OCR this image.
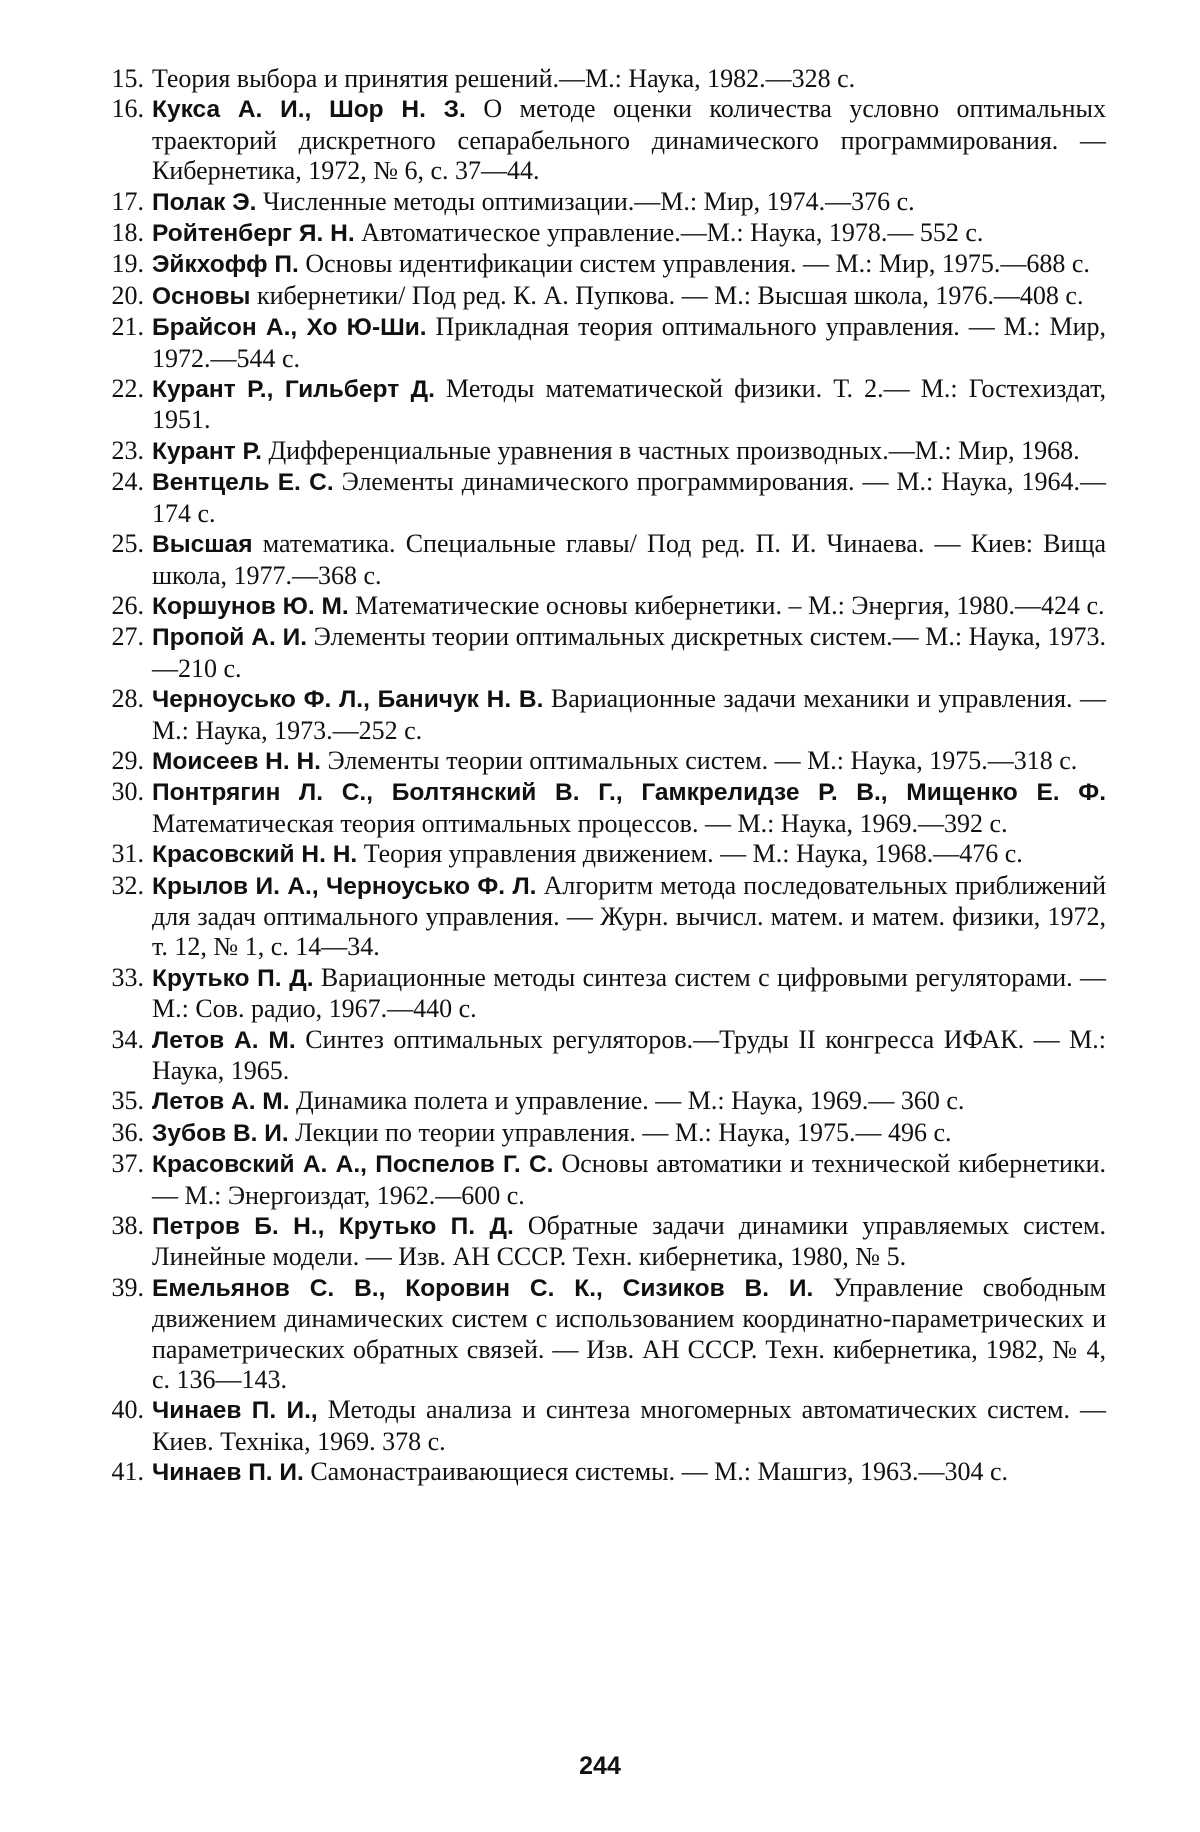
15. Теория выбора и принятия решений.—М.: Наука, 1982.—328 с.
16. Кукса А. И., Шор Н. З. О методе оценки количества условно оптимальных траекторий дискретного сепарабельного динамического программирования. — Кибернетика, 1972, № 6, с. 37—44.
17. Полак Э. Численные методы оптимизации.—М.: Мир, 1974.—376 с.
18. Ройтенберг Я. Н. Автоматическое управление.—М.: Наука, 1978.— 552 с.
19. Эйкхофф П. Основы идентификации систем управления. — М.: Мир, 1975.—688 с.
20. Основы кибернетики/ Под ред. К. А. Пупкова. — М.: Высшая школа, 1976.—408 с.
21. Брайсон А., Хо Ю-Ши. Прикладная теория оптимального управления. — М.: Мир, 1972.—544 с.
22. Курант Р., Гильберт Д. Методы математической физики. Т. 2.— М.: Гостехиздат, 1951.
23. Курант Р. Дифференциальные уравнения в частных производных.—М.: Мир, 1968.
24. Вентцель Е. С. Элементы динамического программирования. — М.: Наука, 1964.—174 с.
25. Высшая математика. Специальные главы/ Под ред. П. И. Чинаева. — Киев: Вища школа, 1977.—368 с.
26. Коршунов Ю. М. Математические основы кибернетики. – М.: Энергия, 1980.—424 с.
27. Пропой А. И. Элементы теории оптимальных дискретных систем.— М.: Наука, 1973.—210 с.
28. Черноусько Ф. Л., Баничук Н. В. Вариационные задачи механики и управления. — М.: Наука, 1973.—252 с.
29. Моисеев Н. Н. Элементы теории оптимальных систем. — М.: Наука, 1975.—318 с.
30. Понтрягин Л. С., Болтянский В. Г., Гамкрелидзе Р. В., Мищенко Е. Ф. Математическая теория оптимальных процессов. — М.: Наука, 1969.—392 с.
31. Красовский Н. Н. Теория управления движением. — М.: Наука, 1968.—476 с.
32. Крылов И. А., Черноусько Ф. Л. Алгоритм метода последовательных приближений для задач оптимального управления. — Журн. вычисл. матем. и матем. физики, 1972, т. 12, № 1, с. 14—34.
33. Крутько П. Д. Вариационные методы синтеза систем с цифровыми регуляторами. — М.: Сов. радио, 1967.—440 с.
34. Летов А. М. Синтез оптимальных регуляторов.—Труды II конгресса ИФАК. — М.: Наука, 1965.
35. Летов А. М. Динамика полета и управление. — М.: Наука, 1969.— 360 с.
36. Зубов В. И. Лекции по теории управления. — М.: Наука, 1975.— 496 с.
37. Красовский А. А., Поспелов Г. С. Основы автоматики и технической кибернетики. — М.: Энергоиздат, 1962.—600 с.
38. Петров Б. Н., Крутько П. Д. Обратные задачи динамики управляемых систем. Линейные модели. — Изв. АН СССР. Техн. кибернетика, 1980, № 5.
39. Емельянов С. В., Коровин С. К., Сизиков В. И. Управление свободным движением динамических систем с использованием координатно-параметрических и параметрических обратных связей. — Изв. АН СССР. Техн. кибернетика, 1982, № 4, с. 136—143.
40. Чинаев П. И., Методы анализа и синтеза многомерных автоматических систем. — Киев. Техніка, 1969. 378 с.
41. Чинаев П. И. Самонастраивающиеся системы. — М.: Машгиз, 1963.—304 с.
244
